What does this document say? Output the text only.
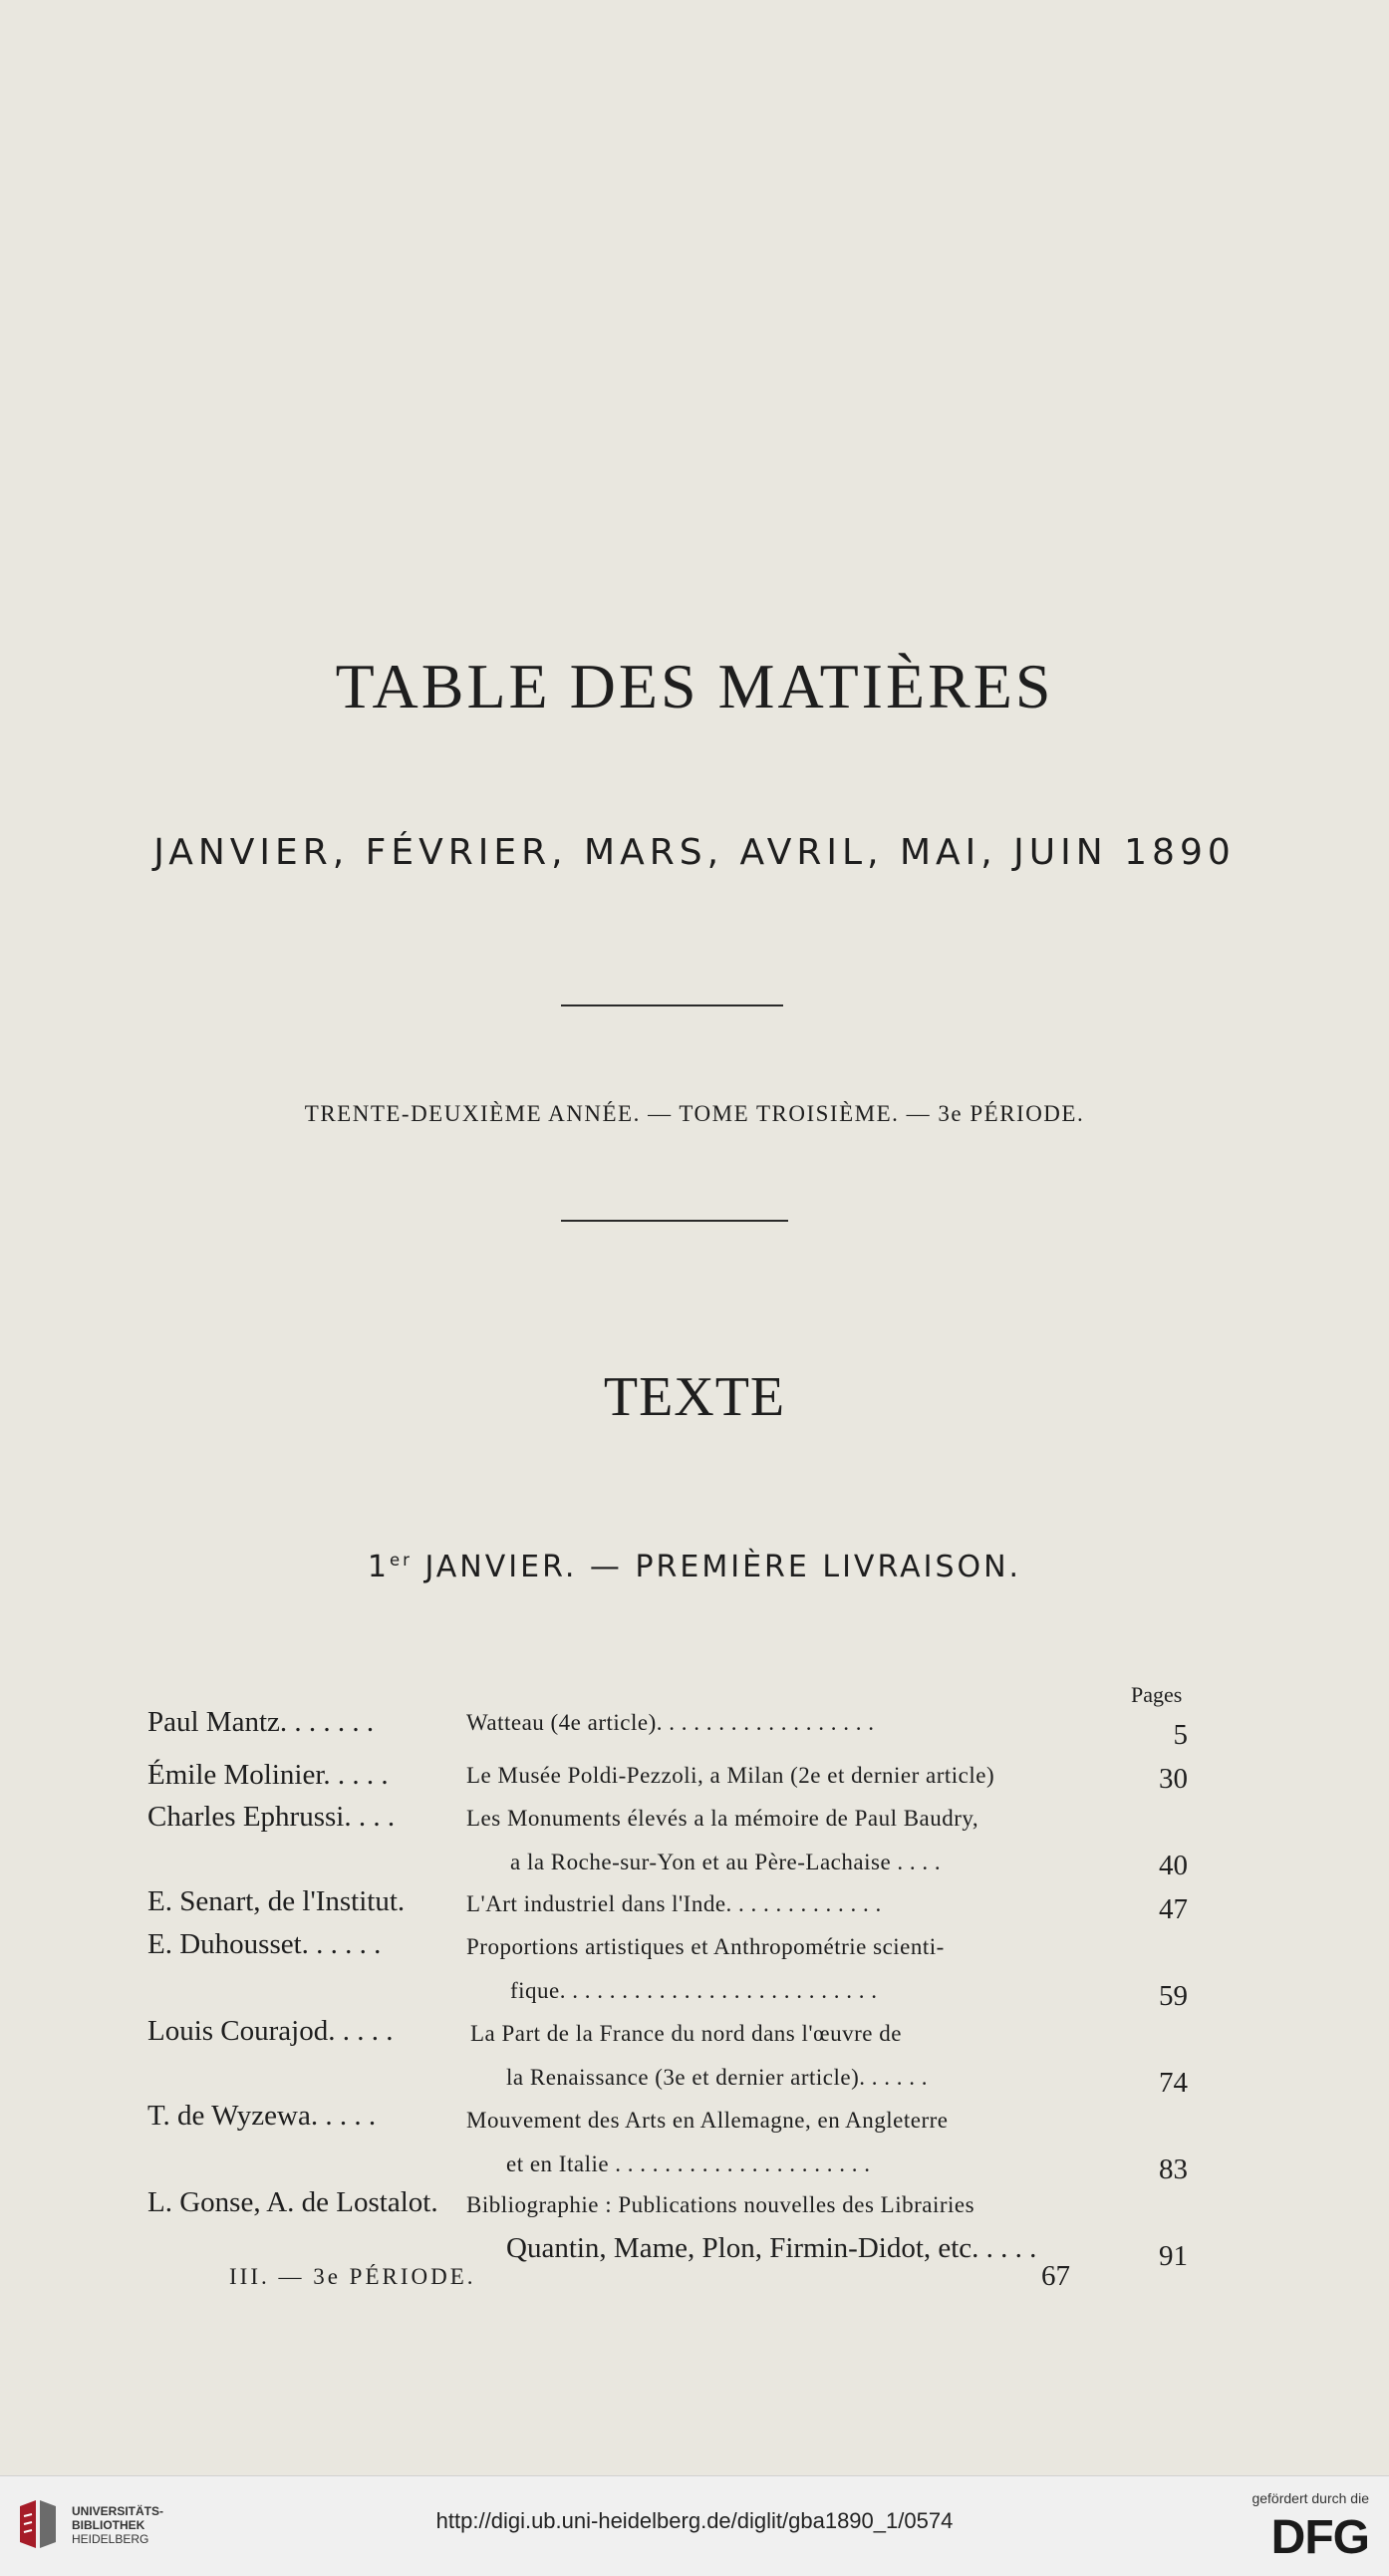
TABLE DES MATIÈRES
JANVIER, FÉVRIER, MARS, AVRIL, MAI, JUIN 1890
TRENTE-DEUXIÈME ANNÉE. — TOME TROISIÈME. — 3e PÉRIODE.
TEXTE
1er JANVIER. — PREMIÈRE LIVRAISON.
Pages
Paul Mantz. . . . . . .	Watteau (4e article). . . . . . . . . . . . . . . . . .	5
Émile Molinier. . . . .	Le Musée Poldi-Pezzoli, a Milan (2e et dernier article)	30
Charles Ephrussi. . . .	Les Monuments élevés a la mémoire de Paul Baudry,
a la Roche-sur-Yon et au Père-Lachaise . . . .	40
E. Senart, de l'Institut.	L'Art industriel dans l'Inde. . . . . . . . . . . . .	47
E. Duhousset. . . . . .	Proportions artistiques et Anthropométrie scienti-
fique. . . . . . . . . . . . . . . . . . . . . . . . . .	59
Louis Courajod. . . . .	La Part de la France du nord dans l'œuvre de
la Renaissance (3e et dernier article). . . . . .	74
T. de Wyzewa. . . . .	Mouvement des Arts en Allemagne, en Angleterre
et en Italie . . . . . . . . . . . . . . . . . . . . .	83
L. Gonse, A. de Lostalot. Bibliographie : Publications nouvelles des Librairies
Quantin, Mame, Plon, Firmin-Didot, etc. . . . .	91
III. — 3e PÉRIODE.	67
UNIVERSITÄTS-
BIBLIOTHEK
HEIDELBERG
http://digi.ub.uni-heidelberg.de/diglit/gba1890_1/0574
gefördert durch die
DFG
